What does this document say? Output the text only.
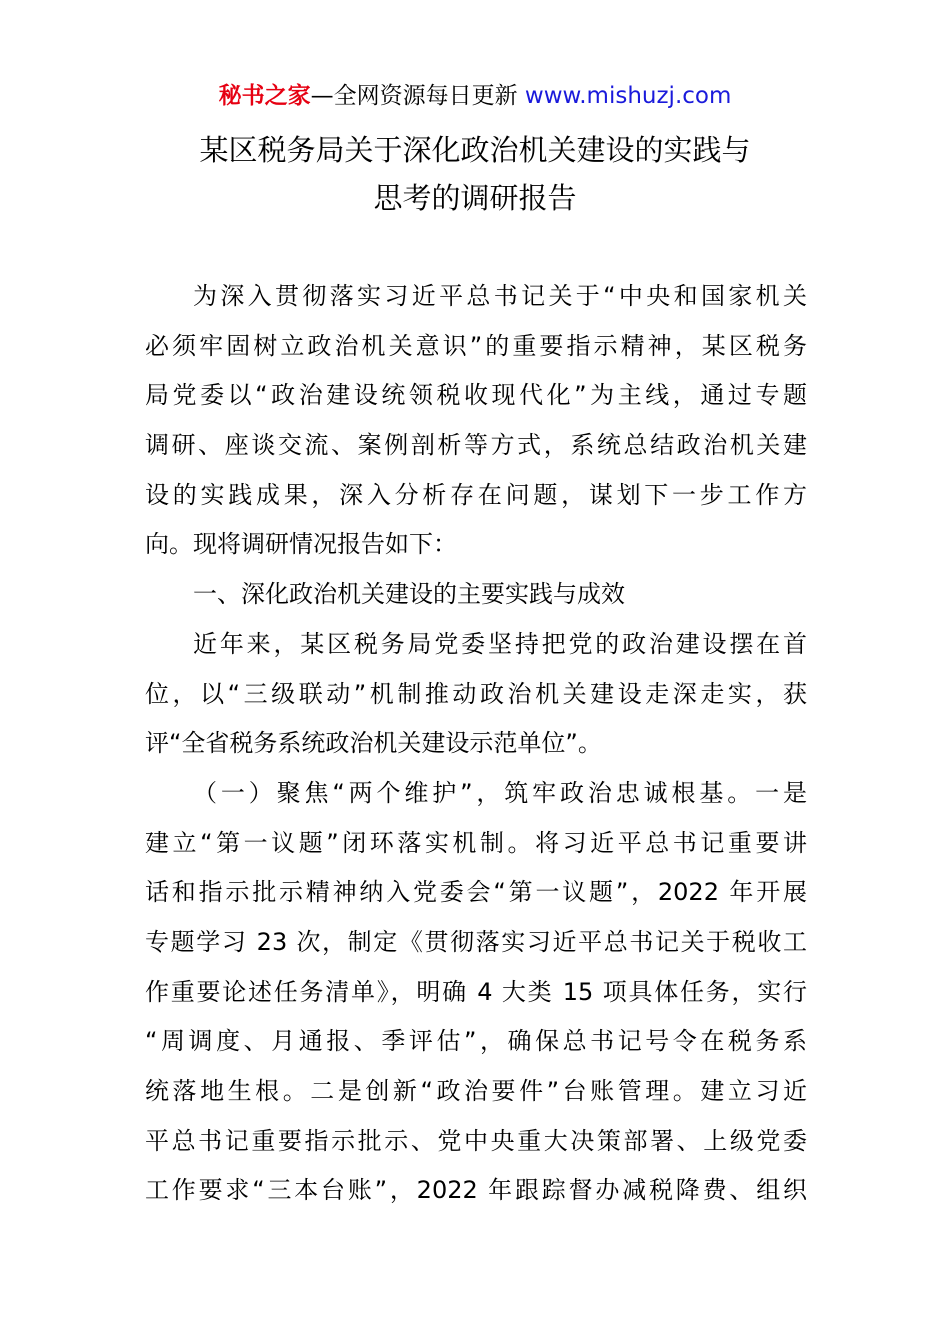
秘书之家—全网资源每日更新 www.mishuzj.com
某区税务局关于深化政治机关建设的实践与
思考的调研报告
为深入贯彻落实习近平总书记关于“中央和国家机关
必须牢固树立政治机关意识”的重要指示精神，某区税务
局党委以“政治建设统领税收现代化”为主线，通过专题
调研、座谈交流、案例剖析等方式，系统总结政治机关建
设的实践成果，深入分析存在问题，谋划下一步工作方
向。现将调研情况报告如下：
一、深化政治机关建设的主要实践与成效
近年来，某区税务局党委坚持把党的政治建设摆在首
位，以“三级联动”机制推动政治机关建设走深走实，获
评“全省税务系统政治机关建设示范单位”。
（一）聚焦“两个维护”，筑牢政治忠诚根基。一是
建立“第一议题”闭环落实机制。将习近平总书记重要讲
话和指示批示精神纳入党委会“第一议题”，2022 年开展
专题学习 23 次，制定《贯彻落实习近平总书记关于税收工
作重要论述任务清单》，明确 4 大类 15 项具体任务，实行
“周调度、月通报、季评估”，确保总书记号令在税务系
统落地生根。二是创新“政治要件”台账管理。建立习近
平总书记重要指示批示、党中央重大决策部署、上级党委
工作要求“三本台账”，2022 年跟踪督办减税降费、组织
